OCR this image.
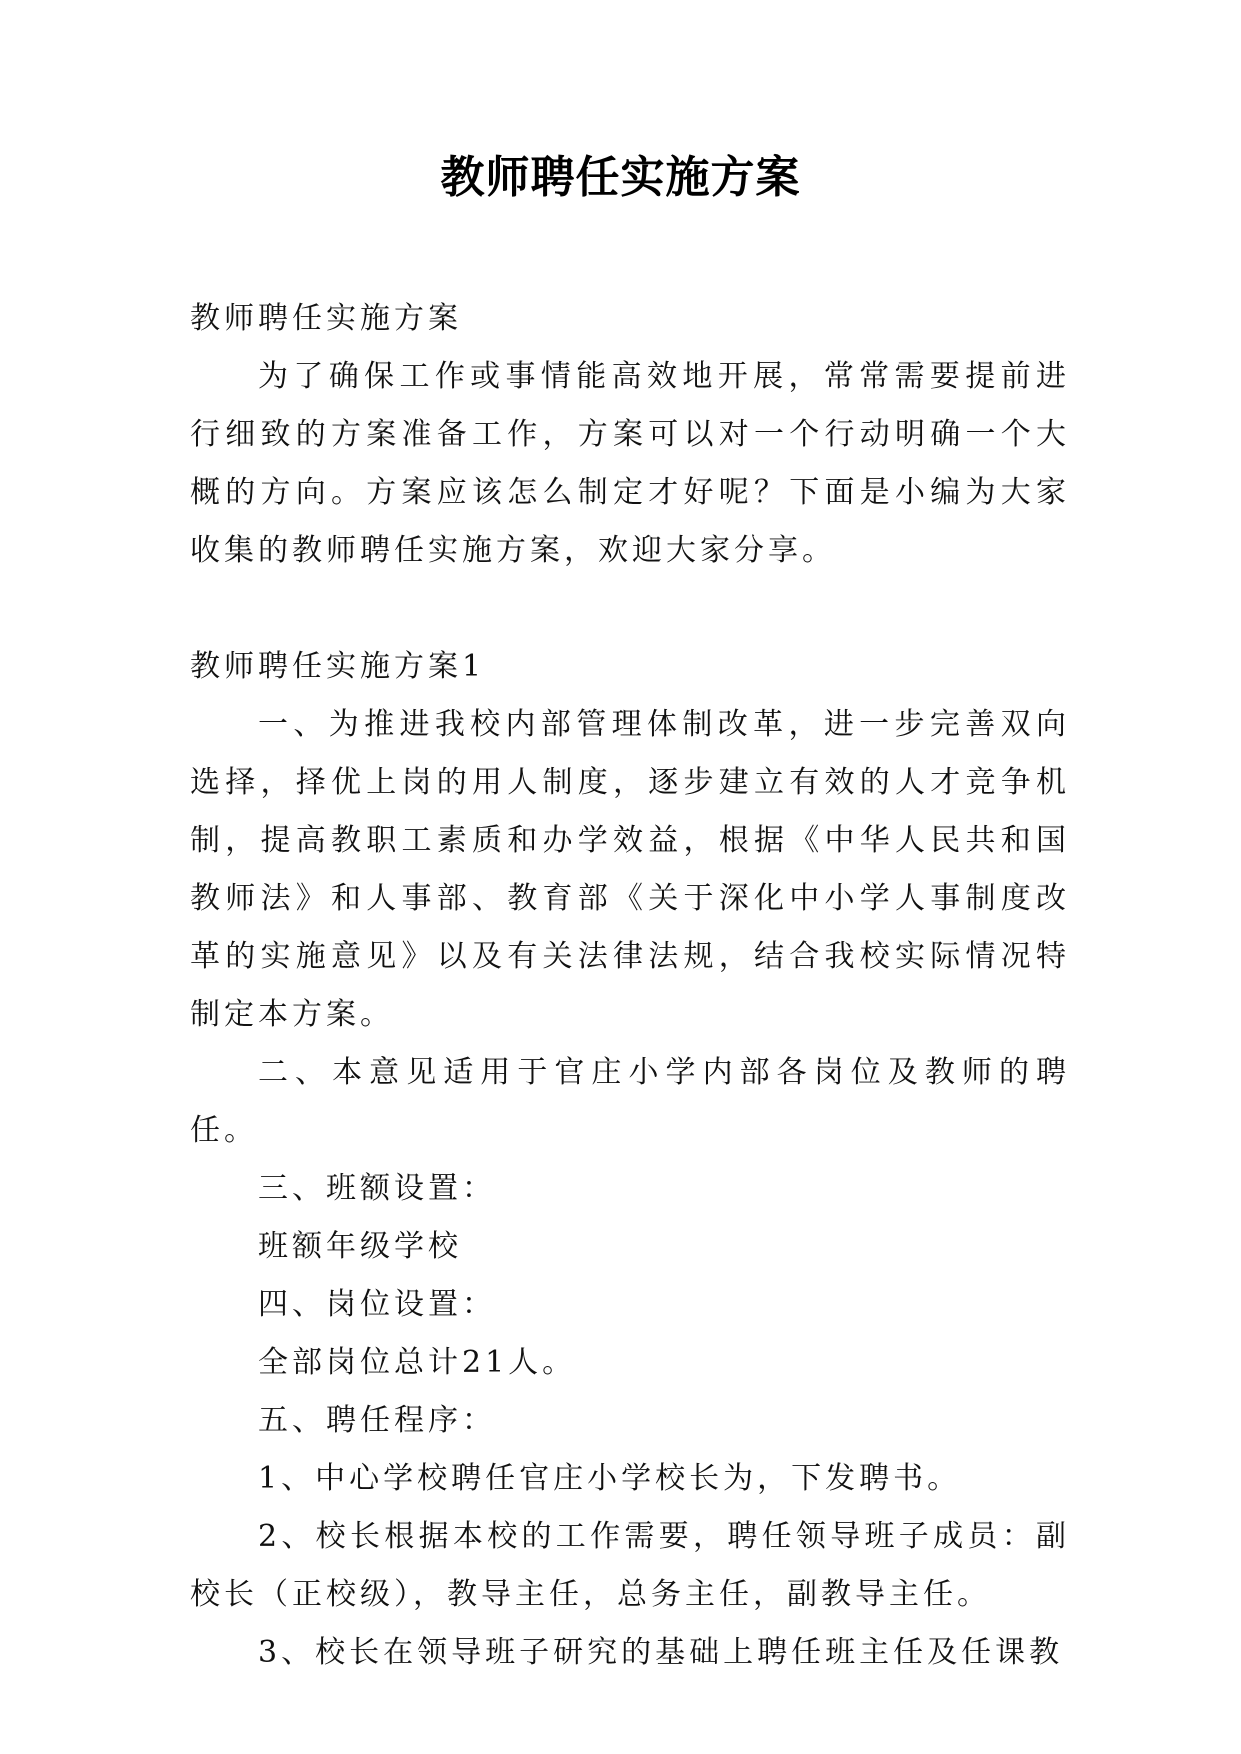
教师聘任实施方案

教师聘任实施方案

为了确保工作或事情能高效地开展，常常需要提前进行细致的方案准备工作，方案可以对一个行动明确一个大概的方向。方案应该怎么制定才好呢？下面是小编为大家收集的教师聘任实施方案，欢迎大家分享。

教师聘任实施方案1

一、为推进我校内部管理体制改革，进一步完善双向选择，择优上岗的用人制度，逐步建立有效的人才竞争机制，提高教职工素质和办学效益，根据《中华人民共和国教师法》和人事部、教育部《关于深化中小学人事制度改革的实施意见》以及有关法律法规，结合我校实际情况特制定本方案。

二、本意见适用于官庄小学内部各岗位及教师的聘任。

三、班额设置：

班额年级学校

四、岗位设置：

全部岗位总计21人。

五、聘任程序：

1、中心学校聘任官庄小学校长为，下发聘书。

2、校长根据本校的工作需要，聘任领导班子成员：副校长（正校级），教导主任，总务主任，副教导主任。

3、校长在领导班子研究的基础上聘任班主任及任课教
